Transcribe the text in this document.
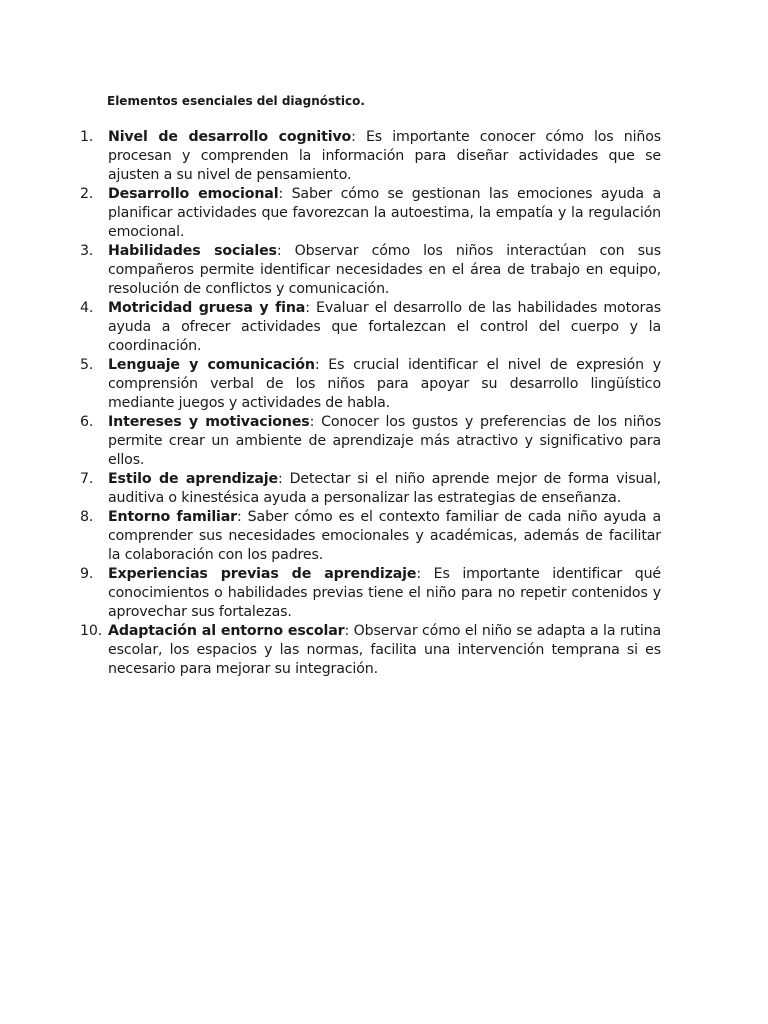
Elementos esenciales del diagnóstico.

1. Nivel de desarrollo cognitivo: Es importante conocer cómo los niños procesan y comprenden la información para diseñar actividades que se ajusten a su nivel de pensamiento.
2. Desarrollo emocional: Saber cómo se gestionan las emociones ayuda a planificar actividades que favorezcan la autoestima, la empatía y la regulación emocional.
3. Habilidades sociales: Observar cómo los niños interactúan con sus compañeros permite identificar necesidades en el área de trabajo en equipo, resolución de conflictos y comunicación.
4. Motricidad gruesa y fina: Evaluar el desarrollo de las habilidades motoras ayuda a ofrecer actividades que fortalezcan el control del cuerpo y la coordinación.
5. Lenguaje y comunicación: Es crucial identificar el nivel de expresión y comprensión verbal de los niños para apoyar su desarrollo lingüístico mediante juegos y actividades de habla.
6. Intereses y motivaciones: Conocer los gustos y preferencias de los niños permite crear un ambiente de aprendizaje más atractivo y significativo para ellos.
7. Estilo de aprendizaje: Detectar si el niño aprende mejor de forma visual, auditiva o kinestésica ayuda a personalizar las estrategias de enseñanza.
8. Entorno familiar: Saber cómo es el contexto familiar de cada niño ayuda a comprender sus necesidades emocionales y académicas, además de facilitar la colaboración con los padres.
9. Experiencias previas de aprendizaje: Es importante identificar qué conocimientos o habilidades previas tiene el niño para no repetir contenidos y aprovechar sus fortalezas.
10. Adaptación al entorno escolar: Observar cómo el niño se adapta a la rutina escolar, los espacios y las normas, facilita una intervención temprana si es necesario para mejorar su integración.
